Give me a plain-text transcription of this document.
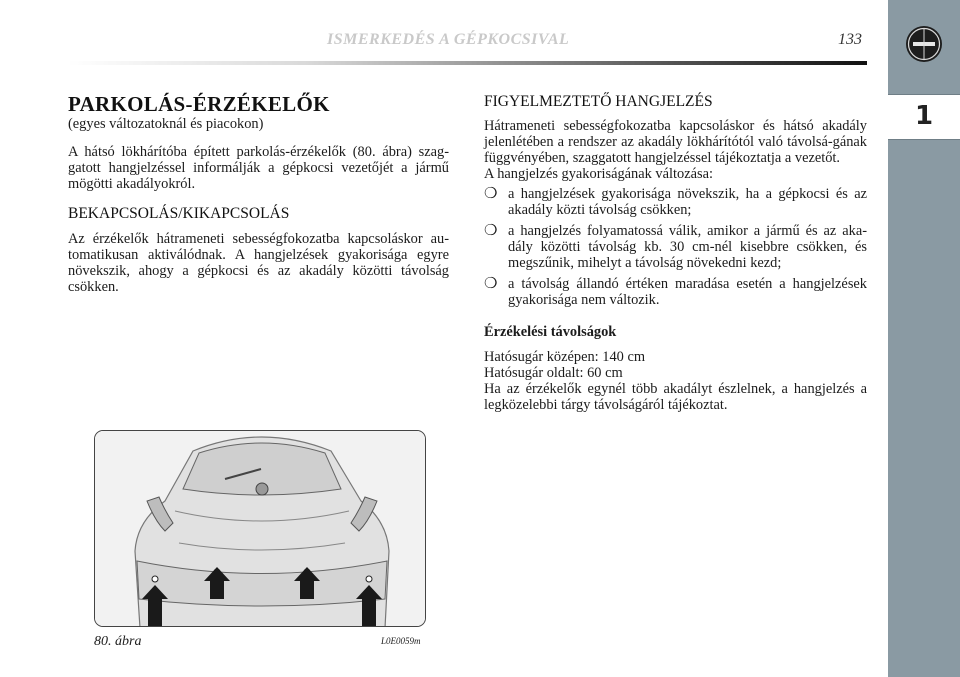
ISMERKEDÉS A GÉPKOCSIVAL	133
1
PARKOLÁS-ÉRZÉKELŐK

(egyes változatoknál és piacokon)

A hátsó lökhárítóba épített parkolás-érzékelők (80. ábra) szag-gatott hangjelzéssel informálják a gépkocsi vezetőjét a jármű mögötti akadályokról.

BEKAPCSOLÁS/KIKAPCSOLÁS

Az érzékelők hátrameneti sebességfokozatba kapcsoláskor au-tomatikusan aktiválódnak. A hangjelzések gyakorisága egyre növekszik, ahogy a gépkocsi és az akadály közötti távolság csökken.

80. ábra	L0E0059m

FIGYELMEZTETŐ HANGJELZÉS

Hátrameneti sebességfokozatba kapcsoláskor és hátsó akadály jelenlétében a rendszer az akadály lökhárítótól való távolsá-gának függvényében, szaggatott hangjelzéssel tájékoztatja a vezetőt.

A hangjelzés gyakoriságának változása:

❍ a hangjelzések gyakorisága növekszik, ha a gépkocsi és az akadály közti távolság csökken;
❍ a hangjelzés folyamatossá válik, amikor a jármű és az aka-dály közötti távolság kb. 30 cm-nél kisebbre csökken, és megszűnik, mihelyt a távolság növekedni kezd;
❍ a távolság állandó értéken maradása esetén a hangjelzések gyakorisága nem változik.

Érzékelési távolságok

Hatósugár középen: 140 cm

Hatósugár oldalt: 60 cm

Ha az érzékelők egynél több akadályt észlelnek, a hangjelzés a legközelebbi tárgy távolságáról tájékoztat.
